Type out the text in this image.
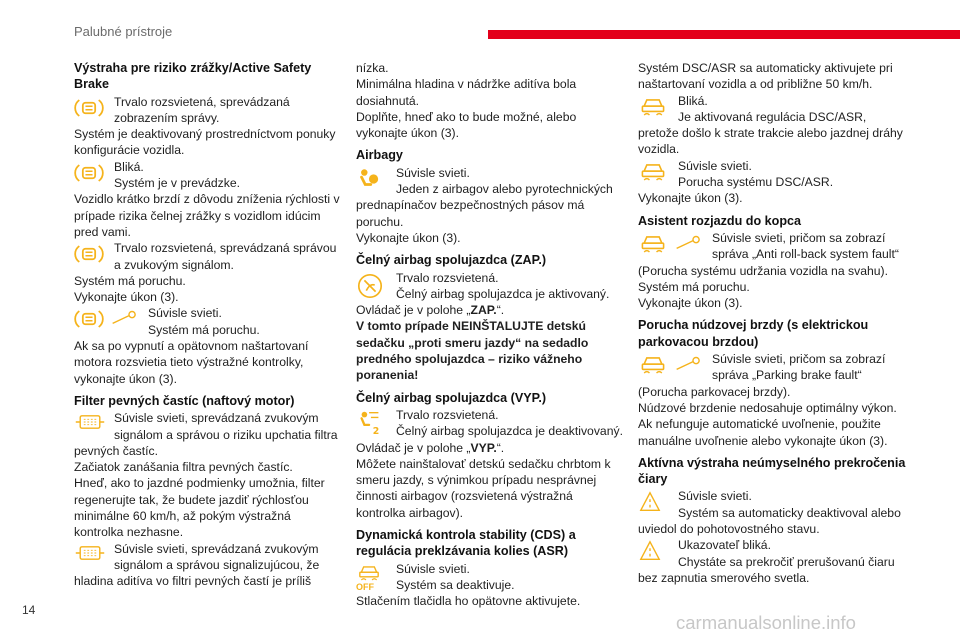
Palubné prístroje
Výstraha pre riziko zrážky/Active Safety Brake
Trvalo rozsvietená, sprevádzaná zobrazením správy.

Systém je deaktivovaný prostredníctvom ponuky konfigurácie vozidla.

Bliká.
Systém je v prevádzke.

Vozidlo krátko brzdí z dôvodu zníženia rýchlosti v prípade rizika čelnej zrážky s vozidlom idúcim pred vami.

Trvalo rozsvietená, sprevádzaná správou a zvukovým signálom.

Systém má poruchu.
Vykonajte úkon (3).

Súvisle svieti.
Systém má poruchu.

Ak sa po vypnutí a opätovnom naštartovaní motora rozsvietia tieto výstražné kontrolky, vykonajte úkon (3).

Filter pevných častíc (naftový motor)
Súvisle svieti, sprevádzaná zvukovým signálom a správou o riziku upchatia filtra

pevných častíc.
Začiatok zanášania filtra pevných častíc.
Hneď, ako to jazdné podmienky umožnia, filter regenerujte tak, že budete jazdiť rýchlosťou minimálne 60 km/h, až pokým výstražná kontrolka nezhasne.

Súvisle svieti, sprevádzaná zvukovým signálom a správou signalizujúcou, že

hladina aditíva vo filtri pevných častí je príliš

nízka.
Minimálna hladina v nádržke aditíva bola dosiahnutá.
Doplňte, hneď ako to bude možné, alebo vykonajte úkon (3).

Airbagy
Súvisle svieti.
Jeden z airbagov alebo pyrotechnických

prednapínačov bezpečnostných pásov má poruchu.
Vykonajte úkon (3).

Čelný airbag spolujazdca (ZAP.)
Trvalo rozsvietená.
Čelný airbag spolujazdca je aktivovaný.

Ovládač je v polohe „ZAP.“.

V tomto prípade NEINŠTALUJTE detskú sedačku „proti smeru jazdy“ na sedadlo predného spolujazdca – riziko vážneho poranenia!

Čelný airbag spolujazdca (VYP.)
Trvalo rozsvietená.
Čelný airbag spolujazdca je deaktivovaný.

Ovládač je v polohe „VYP.“.

Môžete nainštalovať detskú sedačku chrbtom k smeru jazdy, s výnimkou prípadu nesprávnej činnosti airbagov (rozsvietená výstražná kontrolka airbagov).

Dynamická kontrola stability (CDS) a regulácia preklzávania kolies (ASR)
OFF
Súvisle svieti.
Systém sa deaktivuje.

Stlačením tlačidla ho opätovne aktivujete.

Systém DSC/ASR sa automaticky aktivujete pri naštartovaní vozidla a od približne 50 km/h.

Bliká.
Je aktivovaná regulácia DSC/ASR,

pretože došlo k strate trakcie alebo jazdnej dráhy vozidla.

Súvisle svieti.
Porucha systému DSC/ASR.

Vykonajte úkon (3).

Asistent rozjazdu do kopca
Súvisle svieti, pričom sa zobrazí správa „Anti roll-back system fault“

(Porucha systému udržania vozidla na svahu).
Systém má poruchu.
Vykonajte úkon (3).

Porucha núdzovej brzdy (s elektrickou parkovacou brzdou)
Súvisle svieti, pričom sa zobrazí správa „Parking brake fault“

(Porucha parkovacej brzdy).
Núdzové brzdenie nedosahuje optimálny výkon.
Ak nefunguje automatické uvoľnenie, použite manuálne uvoľnenie alebo vykonajte úkon (3).

Aktívna výstraha neúmyselného prekročenia čiary
Súvisle svieti.
Systém sa automaticky deaktivoval alebo

uviedol do pohotovostného stavu.

Ukazovateľ bliká.
Chystáte sa prekročiť prerušovanú čiaru

bez zapnutia smerového svetla.

14
carmanualsonline.info
